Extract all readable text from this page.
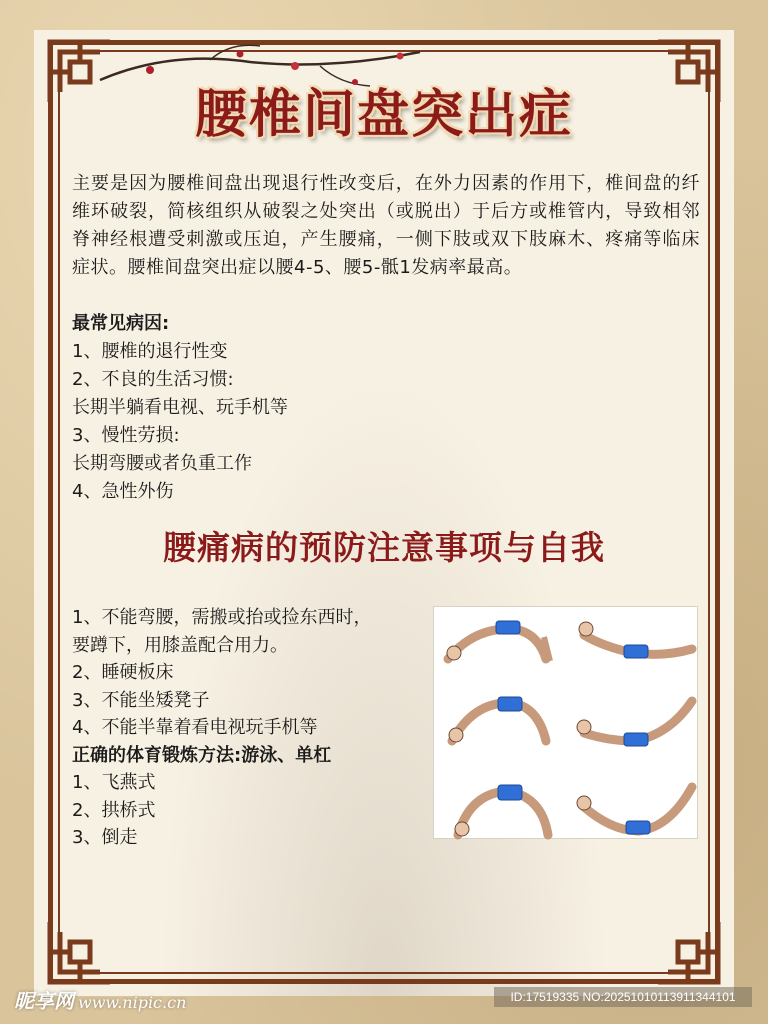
腰椎间盘突出症

主要是因为腰椎间盘出现退行性改变后，在外力因素的作用下，椎间盘的纤维环破裂，简核组织从破裂之处突出（或脱出）于后方或椎管内，导致相邻脊神经根遭受刺激或压迫，产生腰痛，一侧下肢或双下肢麻木、疼痛等临床症状。腰椎间盘突出症以腰4-5、腰5-骶1发病率最高。

最常见病因:
1、腰椎的退行性变
2、不良的生活习惯:
长期半躺看电视、玩手机等
3、慢性劳损:
长期弯腰或者负重工作
4、急性外伤
腰痛病的预防注意事项与自我
1、不能弯腰，需搬或抬或捡东西时，
要蹲下，用膝盖配合用力。
2、睡硬板床
3、不能坐矮凳子
4、不能半靠着看电视玩手机等
正确的体育锻炼方法:游泳、单杠
1、飞燕式
2、拱桥式
3、倒走
昵享网 www.nipic.cn	ID:17519335 NO:20251010113911344101
